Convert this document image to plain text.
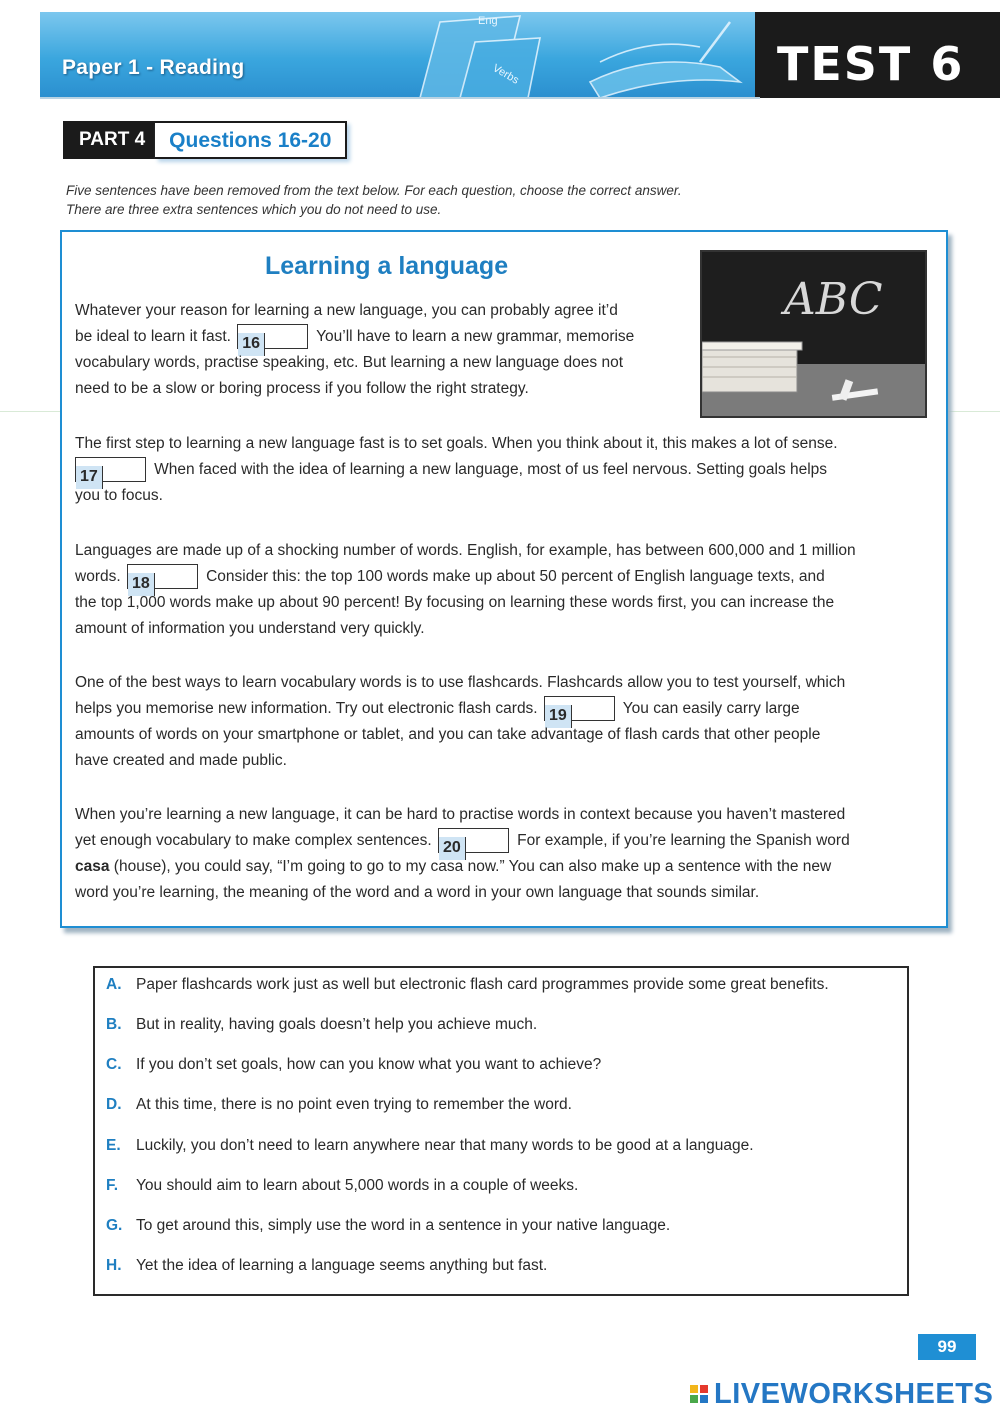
Eng
Verbs
Paper 1 - Reading	TEST 6
PART 4	Questions 16-20
Five sentences have been removed from the text below. For each question, choose the correct answer.
There are three extra sentences which you do not need to use.
Learning a language
ABC
Whatever your reason for learning a new language, you can probably agree it’d
be ideal to learn it fast. 16	You’ll have to learn a new grammar, memorise
vocabulary words, practise speaking, etc. But learning a new language does not
need to be a slow or boring process if you follow the right strategy.
The first step to learning a new language fast is to set goals. When you think about it, this makes a lot of sense.
17	When faced with the idea of learning a new language, most of us feel nervous. Setting goals helps
you to focus.
Languages are made up of a shocking number of words. English, for example, has between 600,000 and 1 million
words. 18	Consider this: the top 100 words make up about 50 percent of English language texts, and
the top 1,000 words make up about 90 percent! By focusing on learning these words first, you can increase the
amount of information you understand very quickly.
One of the best ways to learn vocabulary words is to use flashcards. Flashcards allow you to test yourself, which
helps you memorise new information. Try out electronic flash cards. 19	You can easily carry large
amounts of words on your smartphone or tablet, and you can take advantage of flash cards that other people
have created and made public.
When you’re learning a new language, it can be hard to practise words in context because you haven’t mastered
yet enough vocabulary to make complex sentences. 20	For example, if you’re learning the Spanish word
casa (house), you could say, “I’m going to go to my casa now.” You can also make up a sentence with the new
word you’re learning, the meaning of the word and a word in your own language that sounds similar.
A. Paper flashcards work just as well but electronic flash card programmes provide some great benefits.
B. But in reality, having goals doesn’t help you achieve much.
C. If you don’t set goals, how can you know what you want to achieve?
D. At this time, there is no point even trying to remember the word.
E. Luckily, you don’t need to learn anywhere near that many words to be good at a language.
F. You should aim to learn about 5,000 words in a couple of weeks.
G. To get around this, simply use the word in a sentence in your native language.
H. Yet the idea of learning a language seems anything but fast.
99
LIVEWORKSHEETS
